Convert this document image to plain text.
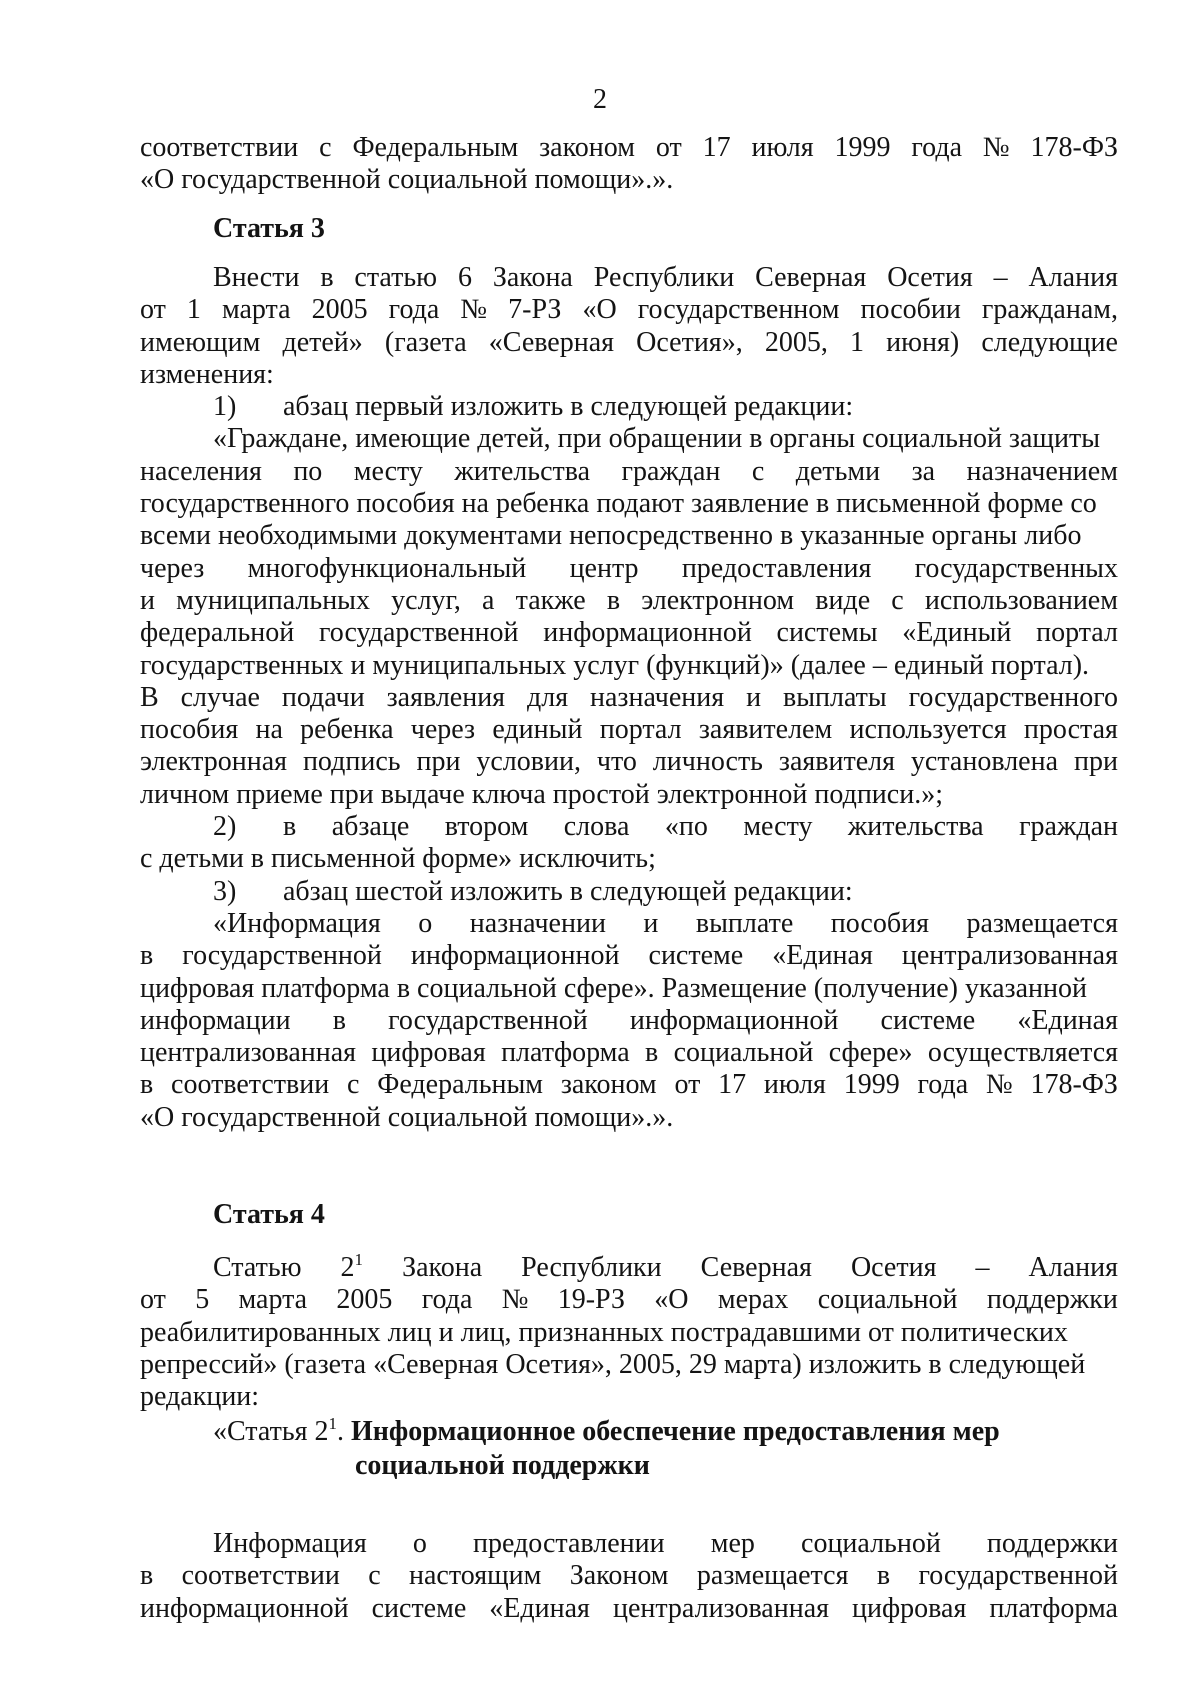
2
соответствии с Федеральным законом от 17 июля 1999 года № 178-ФЗ
«О государственной социальной помощи».».
Статья 3
Внести в статью 6 Закона Республики Северная Осетия – Алания
от 1 марта 2005 года № 7-РЗ «О государственном пособии гражданам,
имеющим детей» (газета «Северная Осетия», 2005, 1 июня) следующие
изменения:
1)	абзац первый изложить в следующей редакции:
«Граждане, имеющие детей, при обращении в органы социальной защиты
населения по месту жительства граждан с детьми за назначением
государственного пособия на ребенка подают заявление в письменной форме со
всеми необходимыми документами непосредственно в указанные органы либо
через многофункциональный центр предоставления государственных
и муниципальных услуг, а также в электронном виде с использованием
федеральной государственной информационной системы «Единый портал
государственных и муниципальных услуг (функций)» (далее – единый портал).
В случае подачи заявления для назначения и выплаты государственного
пособия на ребенка через единый портал заявителем используется простая
электронная подпись при условии, что личность заявителя установлена при
личном приеме при выдаче ключа простой электронной подписи.»;
2)	в абзаце втором слова «по месту жительства граждан
с детьми в письменной форме» исключить;
3)	абзац шестой изложить в следующей редакции:
«Информация о назначении и выплате пособия размещается
в государственной информационной системе «Единая централизованная
цифровая платформа в социальной сфере». Размещение (получение) указанной
информации в государственной информационной системе «Единая
централизованная цифровая платформа в социальной сфере» осуществляется
в соответствии с Федеральным законом от 17 июля 1999 года № 178-ФЗ
«О государственной социальной помощи».».
Статья 4
Статью $2^1$ Закона Республики Северная Осетия – Алания
от 5 марта 2005 года № 19-РЗ «О мерах социальной поддержки
реабилитированных лиц и лиц, признанных пострадавшими от политических
репрессий» (газета «Северная Осетия», 2005, 29 марта) изложить в следующей
редакции:
«Статья $2^1$. Информационное обеспечение предоставления мер
социальной поддержки
Информация о предоставлении мер социальной поддержки
в соответствии с настоящим Законом размещается в государственной
информационной системе «Единая централизованная цифровая платформа
